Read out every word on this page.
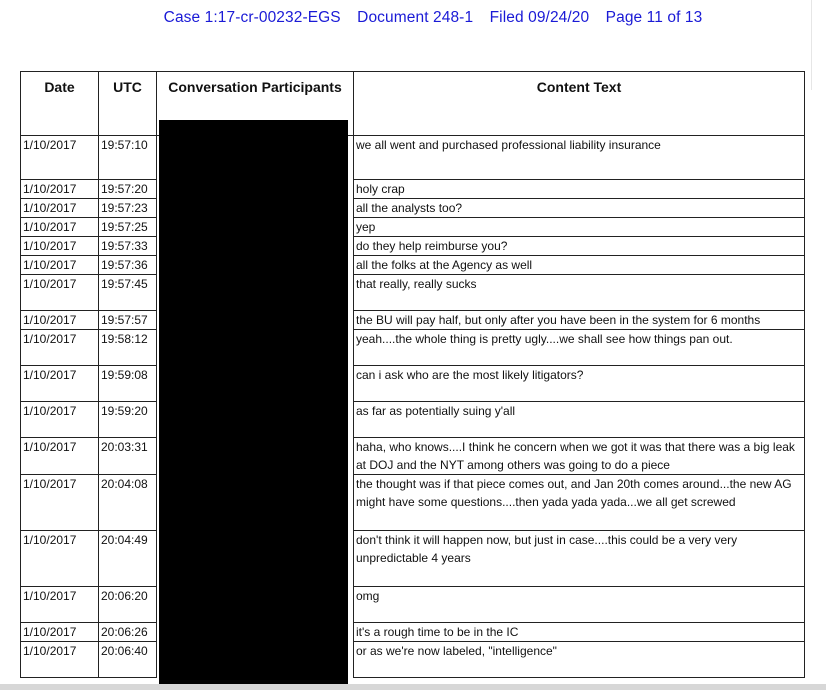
Case 1:17-cr-00232-EGS Document 248-1 Filed 09/24/20 Page 11 of 13
Date	UTC	Conversation Participants	Content Text
1/10/2017	19:57:10		we all went and purchased professional liability insurance
1/10/2017	19:57:20		holy crap
1/10/2017	19:57:23		all the analysts too?
1/10/2017	19:57:25		yep
1/10/2017	19:57:33		do they help reimburse you?
1/10/2017	19:57:36		all the folks at the Agency as well
1/10/2017	19:57:45		that really, really sucks
1/10/2017	19:57:57		the BU will pay half, but only after you have been in the system for 6 months
1/10/2017	19:58:12		yeah....the whole thing is pretty ugly....we shall see how things pan out.
1/10/2017	19:59:08		can i ask who are the most likely litigators?
1/10/2017	19:59:20		as far as potentially suing y'all
1/10/2017	20:03:31		haha, who knows....I think he concern when we got it was that there was a big leak at DOJ and the NYT among others was going to do a piece
1/10/2017	20:04:08		the thought was if that piece comes out, and Jan 20th comes around...the new AG might have some questions....then yada yada yada...we all get screwed
1/10/2017	20:04:49		don't think it will happen now, but just in case....this could be a very very unpredictable 4 years
1/10/2017	20:06:20		omg
1/10/2017	20:06:26		it's a rough time to be in the IC
1/10/2017	20:06:40		or as we're now labeled, "intelligence"
